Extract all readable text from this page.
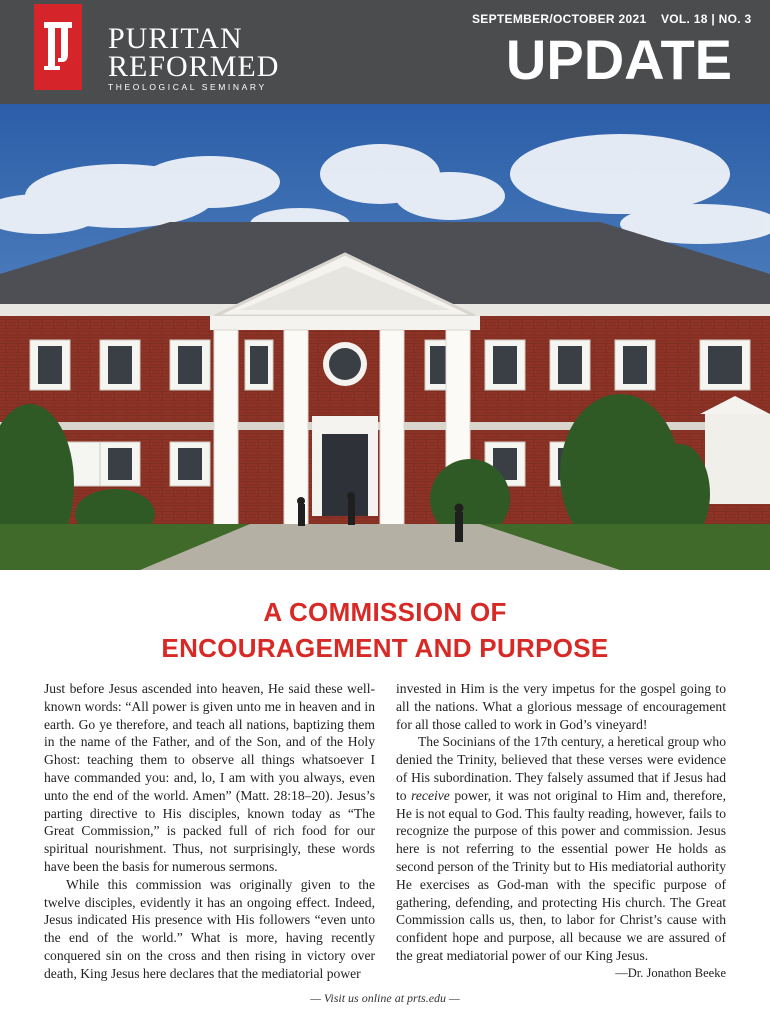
PURITAN
REFORMED
THEOLOGICAL SEMINARY
SEPTEMBER/OCTOBER 2021    VOL. 18 | NO. 3
UPDATE
A COMMISSION OF
ENCOURAGEMENT AND PURPOSE

Just before Jesus ascended into heaven, He said these well-known words: “All power is given unto me in heaven and in earth. Go ye therefore, and teach all nations, baptizing them in the name of the Father, and of the Son, and of the Holy Ghost: teaching them to observe all things whatsoever I have commanded you: and, lo, I am with you always, even unto the end of the world. Amen” (Matt. 28:18–20). Jesus’s parting directive to His disciples, known today as “The Great Commission,” is packed full of rich food for our spiritual nourishment. Thus, not surprisingly, these words have been the basis for numerous sermons.

While this commission was originally given to the twelve disciples, evidently it has an ongoing effect. Indeed, Jesus indicated His presence with His followers “even unto the end of the world.” What is more, having recently conquered sin on the cross and then rising in victory over death, King Jesus here declares that the mediatorial power

invested in Him is the very impetus for the gospel going to all the nations. What a glorious message of encouragement for all those called to work in God’s vineyard!

The Socinians of the 17th century, a heretical group who denied the Trinity, believed that these verses were evidence of His subordination. They falsely assumed that if Jesus had to receive power, it was not original to Him and, therefore, He is not equal to God. This faulty reading, however, fails to recognize the purpose of this power and commission. Jesus here is not referring to the essential power He holds as second person of the Trinity but to His mediatorial authority He exercises as God-man with the specific purpose of gathering, defending, and protecting His church. The Great Commission calls us, then, to labor for Christ’s cause with confident hope and purpose, all because we are assured of the great mediatorial power of our King Jesus.

—Dr. Jonathon Beeke
— Visit us online at prts.edu —
